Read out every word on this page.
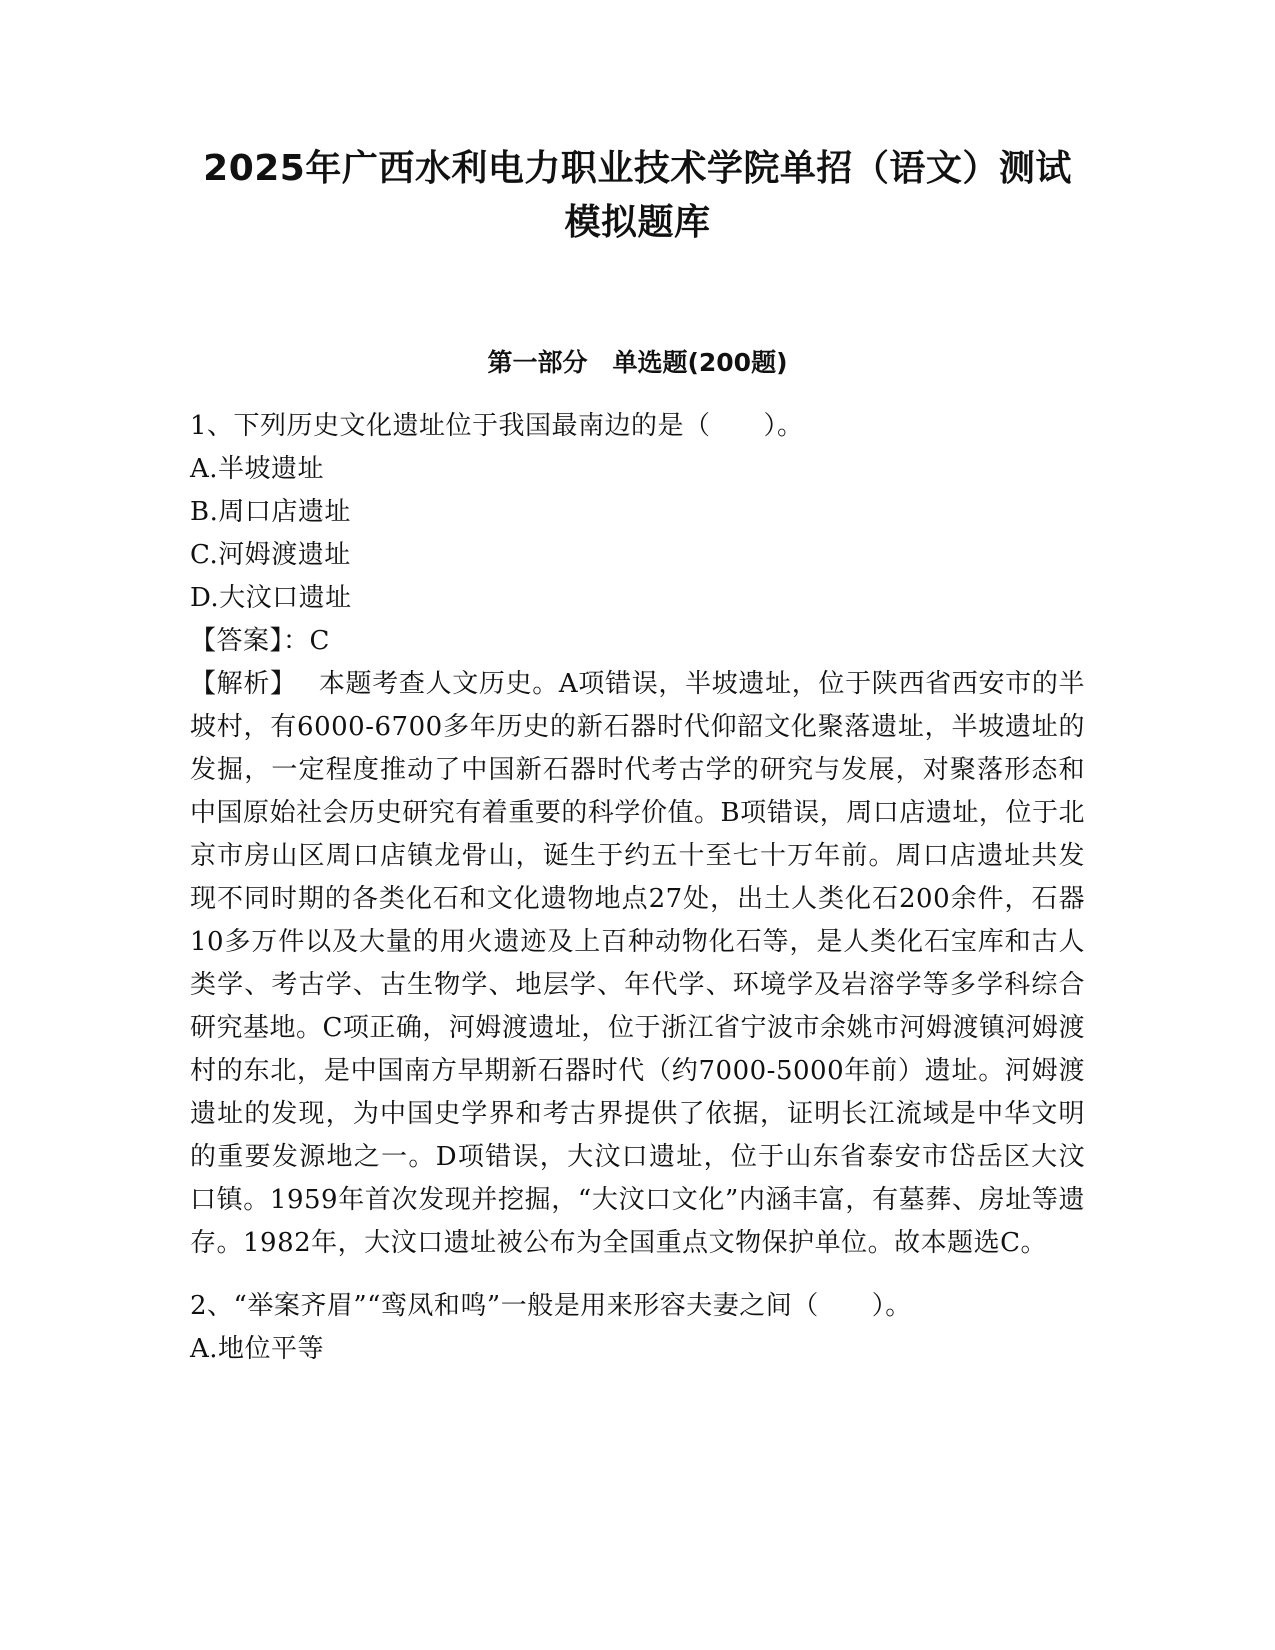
2025年广西水利电力职业技术学院单招（语文）测试
模拟题库
第一部分　单选题(200题)

1、下列历史文化遗址位于我国最南边的是（　　）。

A.半坡遗址

B.周口店遗址

C.河姆渡遗址

D.大汶口遗址

【答案】：C

【解析】 本题考查人文历史。A项错误，半坡遗址，位于陕西省西安市的半坡村，有6000-6700多年历史的新石器时代仰韶文化聚落遗址，半坡遗址的发掘，一定程度推动了中国新石器时代考古学的研究与发展，对聚落形态和中国原始社会历史研究有着重要的科学价值。B项错误，周口店遗址，位于北京市房山区周口店镇龙骨山，诞生于约五十至七十万年前。周口店遗址共发现不同时期的各类化石和文化遗物地点27处，出土人类化石200余件，石器10多万件以及大量的用火遗迹及上百种动物化石等，是人类化石宝库和古人类学、考古学、古生物学、地层学、年代学、环境学及岩溶学等多学科综合研究基地。C项正确，河姆渡遗址，位于浙江省宁波市余姚市河姆渡镇河姆渡村的东北，是中国南方早期新石器时代（约7000-5000年前）遗址。河姆渡遗址的发现，为中国史学界和考古界提供了依据，证明长江流域是中华文明的重要发源地之一。D项错误，大汶口遗址，位于山东省泰安市岱岳区大汶口镇。1959年首次发现并挖掘，“大汶口文化”内涵丰富，有墓葬、房址等遗存。1982年，大汶口遗址被公布为全国重点文物保护单位。故本题选C。

2、“举案齐眉”“鸾凤和鸣”一般是用来形容夫妻之间（　　）。

A.地位平等
